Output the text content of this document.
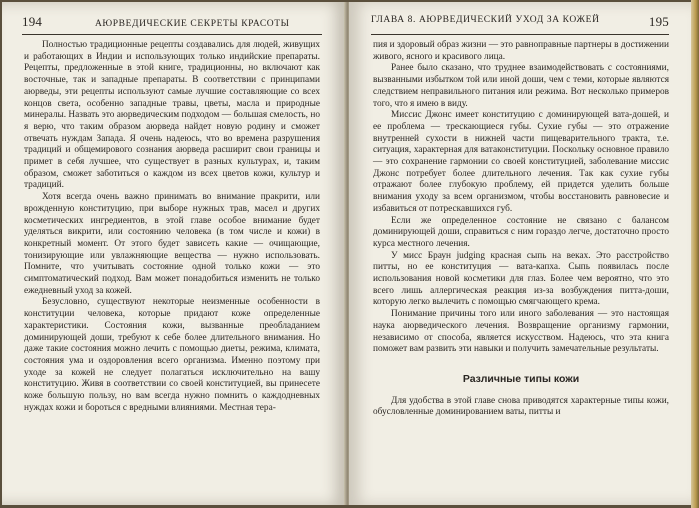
194	АЮРВЕДИЧЕСКИЕ СЕКРЕТЫ КРАСОТЫ

Полностью традиционные рецепты создавались для людей, живущих и работающих в Индии и использующих только индийские препараты. Рецепты, предложенные в этой книге, традиционны, но включают как восточные, так и западные препараты. В соответствии с принципами аюрведы, эти рецепты используют самые лучшие составляющие со всех концов света, особенно западные травы, цветы, масла и природные минералы. Назвать это аюрведическим подходом — большая смелость, но я верю, что таким образом аюрведа найдет новую родину и сможет отвечать нуждам Запада. Я очень надеюсь, что во времена разрушения традиций и общемирового сознания аюрведа расширит свои границы и примет в себя лучшее, что существует в разных культурах, и, таким образом, сможет заботиться о каждом из всех цветов кожи, культур и традиций.

Хотя всегда очень важно принимать во внимание пракрити, или врожденную конституцию, при выборе нужных трав, масел и других косметических ингредиентов, в этой главе особое внимание будет уделяться викрити, или состоянию человека (в том числе и кожи) в конкретный момент. От этого будет зависеть какие — очищающие, тонизирующие или увлажняющие вещества — нужно использовать. Помните, что учитывать состояние одной только кожи — это симптоматический подход. Вам может понадобиться изменить не только ежедневный уход за кожей.

Безусловно, существуют некоторые неизменные особенности в конституции человека, которые придают коже определенные характеристики. Состояния кожи, вызванные преобладанием доминирующей доши, требуют к себе более длительного внимания. Но даже такие состояния можно лечить с помощью диеты, режима, климата, состояния ума и оздоровления всего организма. Именно поэтому при уходе за кожей не следует полагаться исключительно на вашу конституцию. Живя в соответствии со своей конституцией, вы принесете коже большую пользу, но вам всегда нужно помнить о каждодневных нуждах кожи и бороться с вредными влияниями. Местная тера-

ГЛАВА 8. АЮРВЕДИЧЕСКИЙ УХОД ЗА КОЖЕЙ	195

пия и здоровый образ жизни — это равноправные партнеры в достижении живого, ясного и красивого лица.

Ранее было сказано, что труднее взаимодействовать с состояниями, вызванными избытком той или иной доши, чем с теми, которые являются следствием неправильного питания или режима. Вот несколько примеров того, что я имею в виду.

Миссис Джонс имеет конституцию с доминирующей вата-дошей, и ее проблема — трескающиеся губы. Сухие губы — это отражение внутренней сухости в нижней части пищеварительного тракта, т.е. ситуация, характерная для ватаконституции. Поскольку основное правило — это сохранение гармонии со своей конституцией, заболевание миссис Джонс потребует более длительного лечения. Так как сухие губы отражают более глубокую проблему, ей придется уделить больше внимания уходу за всем организмом, чтобы восстановить равновесие и избавиться от потрескавшихся губ.

Если же определенное состояние не связано с балансом доминирующей доши, справиться с ним гораздо легче, достаточно просто курса местного лечения.

У мисс Браун judging красная сыпь на веках. Это расстройство питты, но ее конституция — вата-капха. Сыпь появилась после использования новой косметики для глаз. Более чем вероятно, что это всего лишь аллергическая реакция из-за возбуждения питта-доши, которую легко вылечить с помощью смягчающего крема.

Понимание причины того или иного заболевания — это настоящая наука аюрведического лечения. Возвращение организму гармонии, независимо от способа, является искусством. Надеюсь, что эта книга поможет вам развить эти навыки и получить замечательные результаты.

Различные типы кожи

Для удобства в этой главе снова приводятся характерные типы кожи, обусловленные доминированием ваты, питты и
